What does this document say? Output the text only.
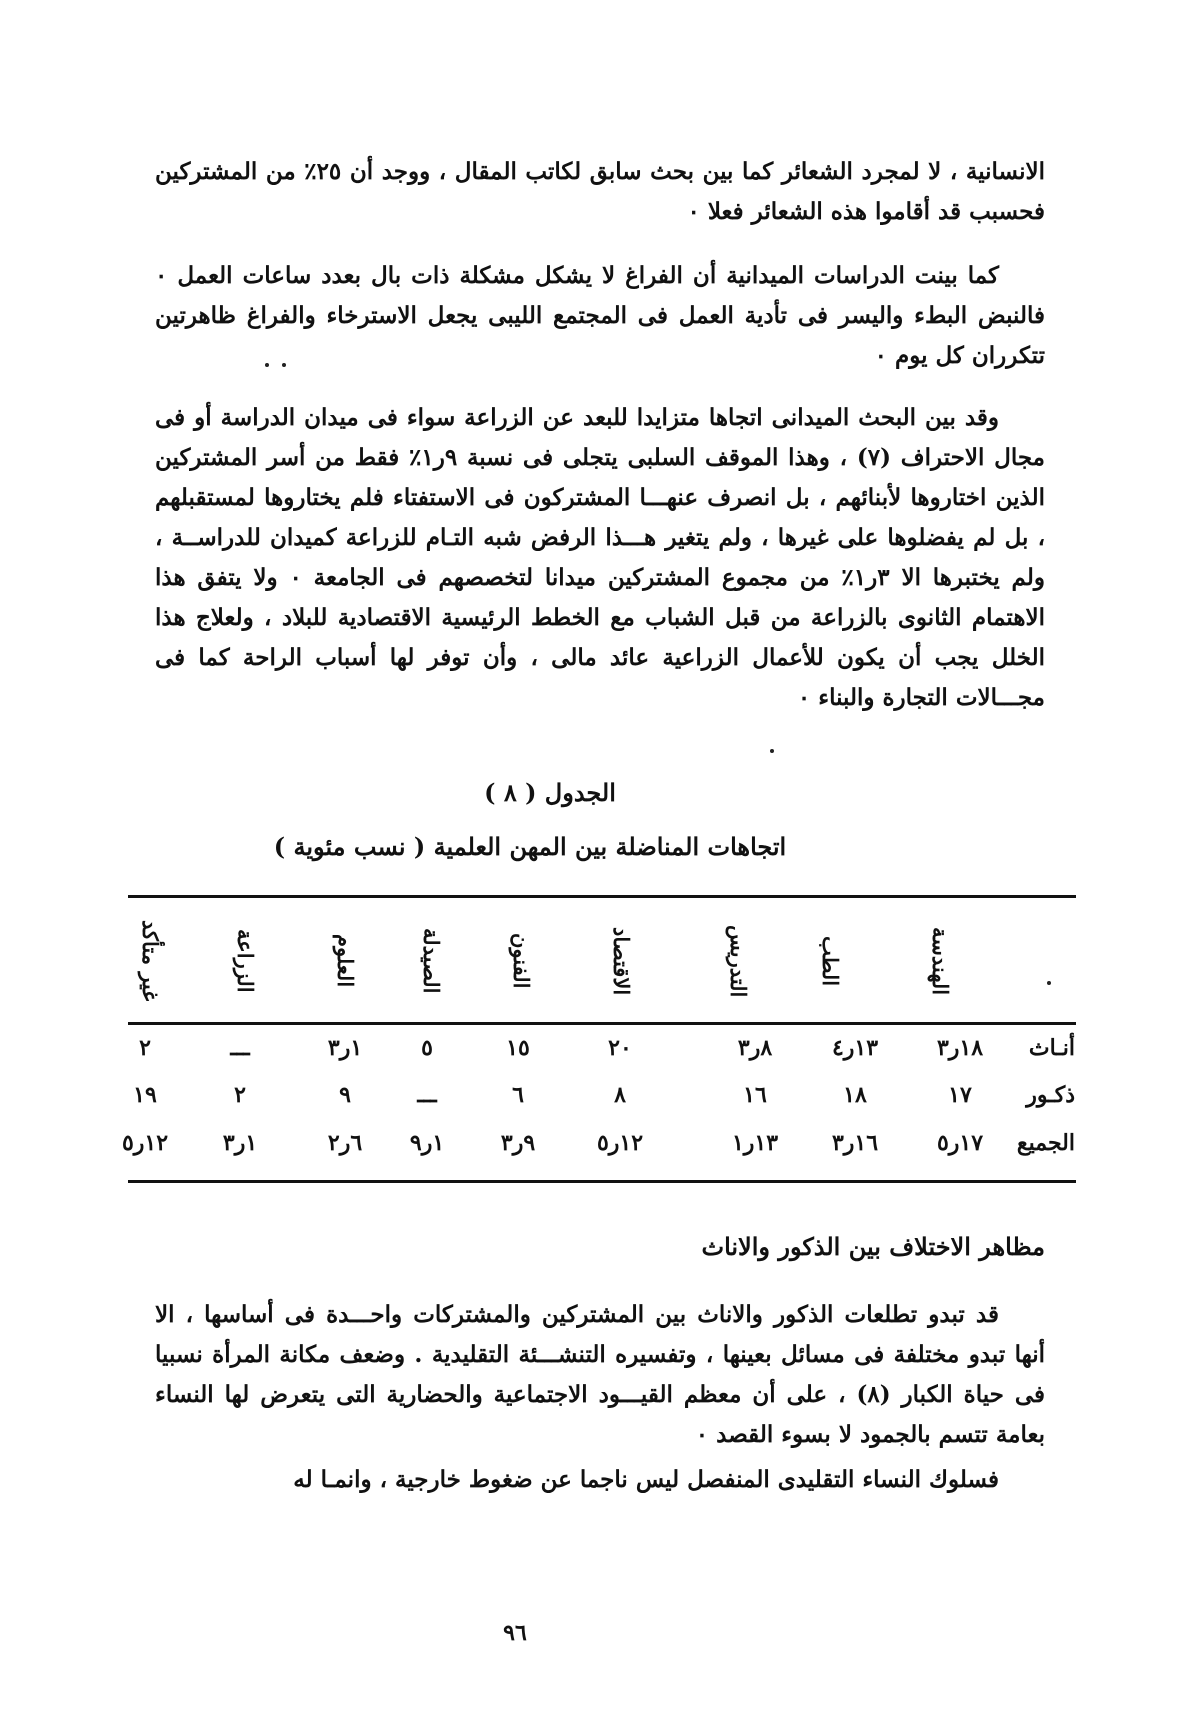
الانسانية ، لا لمجرد الشعائر كما بين بحث سابق لكاتب المقال ، ووجد أن ٢٥٪ من المشتركين فحسبب قد أقاموا هذه الشعائر فعلا ٠

كما بينت الدراسات الميدانية أن الفراغ لا يشكل مشكلة ذات بال بعدد ساعات العمل ٠ فالنبض البطء واليسر فى تأدية العمل فى المجتمع الليبى يجعل الاسترخاء والفراغ ظاهرتين تتكرران كل يوم ٠

وقد بين البحث الميدانى اتجاها متزايدا للبعد عن الزراعة سواء فى ميدان الدراسة أو فى مجال الاحتراف (٧) ، وهذا الموقف السلبى يتجلى فى نسبة ٩ر١٪ فقط من أسر المشتركين الذين اختاروها لأبنائهم ، بل انصرف عنهـــا المشتركون فى الاستفتاء فلم يختاروها لمستقبلهم ، بل لم يفضلوها على غيرها ، ولم يتغير هـــذا الرفض شبه التـام للزراعة كميدان للدراســة ، ولم يختبرها الا ٣ر١٪ من مجموع المشتركين ميدانا لتخصصهم فى الجامعة ٠ ولا يتفق هذا الاهتمام الثانوى بالزراعة من قبل الشباب مع الخطط الرئيسية الاقتصادية للبلاد ، ولعلاج هذا الخلل يجب أن يكون للأعمال الزراعية عائد مالى ، وأن توفر لها أسباب الراحة كما فى مجـــالات التجارة والبناء ٠

الجدول ( ٨ )
اتجاهات المناضلة بين المهن العلمية ( نسب مئوية )
الهندسة
الطب
التدريس
الاقتصاد
الفنون
الصيدلة
العلوم
الزراعة
غير متأكد
أنـاث
١٨ر٣
١٣ر٤
٨ر٣
٢٠
١٥
٥
١ر٣
ـــ
٢
ذكـور
١٧
١٨
١٦
٨
٦
ـــ
٩
٢
١٩
الجميع
١٧ر٥
١٦ر٣
١٣ر١
١٢ر٥
٩ر٣
١ر٩
٦ر٢
١ر٣
١٢ر٥
مظاهر الاختلاف بين الذكور والاناث

قد تبدو تطلعات الذكور والاناث بين المشتركين والمشتركات واحـــدة فى أساسها ، الا أنها تبدو مختلفة فى مسائل بعينها ، وتفسيره التنشـــئة التقليدية . وضعف مكانة المرأة نسبيا فى حياة الكبار (٨) ، على أن معظم القيـــود الاجتماعية والحضارية التى يتعرض لها النساء بعامة تتسم بالجمود لا بسوء القصد ٠

فسلوك النساء التقليدى المنفصل ليس ناجما عن ضغوط خارجية ، وانمـا له

٩٦
